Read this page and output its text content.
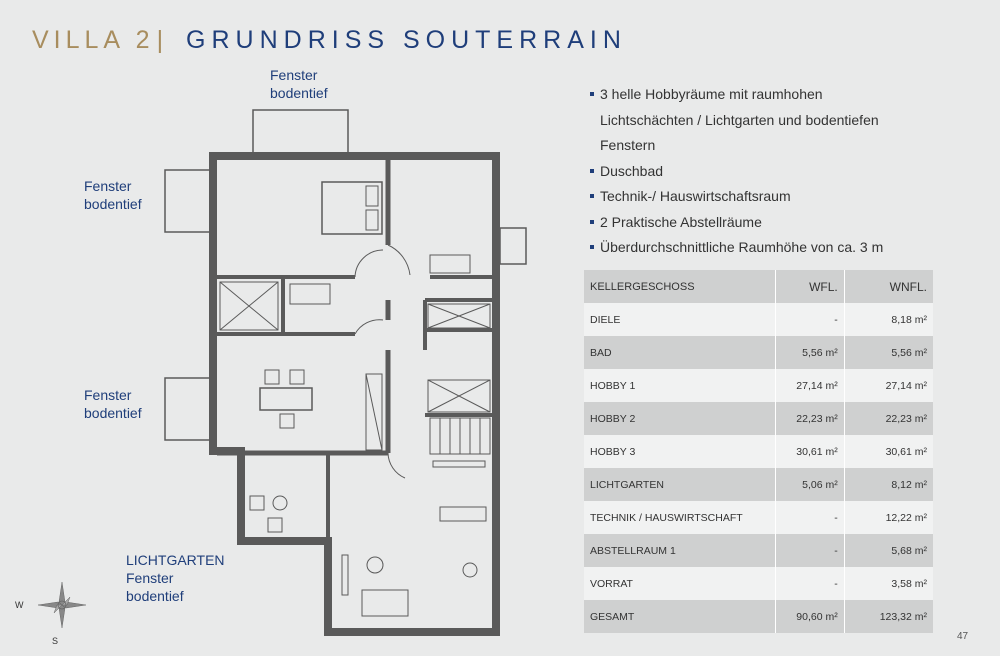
VILLA 2| GRUNDRISS SOUTERRAIN
Fenster
bodentief
Fenster
bodentief
Fenster
bodentief
LICHTGARTEN
Fenster
bodentief
W
S
3 helle Hobbyräume mit raumhohen
Lichtschächten / Lichtgarten und bodentiefen
Fenstern
Duschbad
Technik-/ Hauswirtschaftsraum
2 Praktische Abstellräume
Überdurchschnittliche Raumhöhe von ca. 3 m
KELLERGESCHOSS	WFL.	WNFL.
DIELE	-	8,18 m²
BAD	5,56 m²	5,56 m²
HOBBY 1	27,14 m²	27,14 m²
HOBBY 2	22,23 m²	22,23 m²
HOBBY 3	30,61 m²	30,61 m²
LICHTGARTEN	5,06 m²	8,12 m²
TECHNIK / HAUSWIRTSCHAFT	-	12,22 m²
ABSTELLRAUM 1	-	5,68 m²
VORRAT	-	3,58 m²
GESAMT	90,60 m²	123,32 m²
47
